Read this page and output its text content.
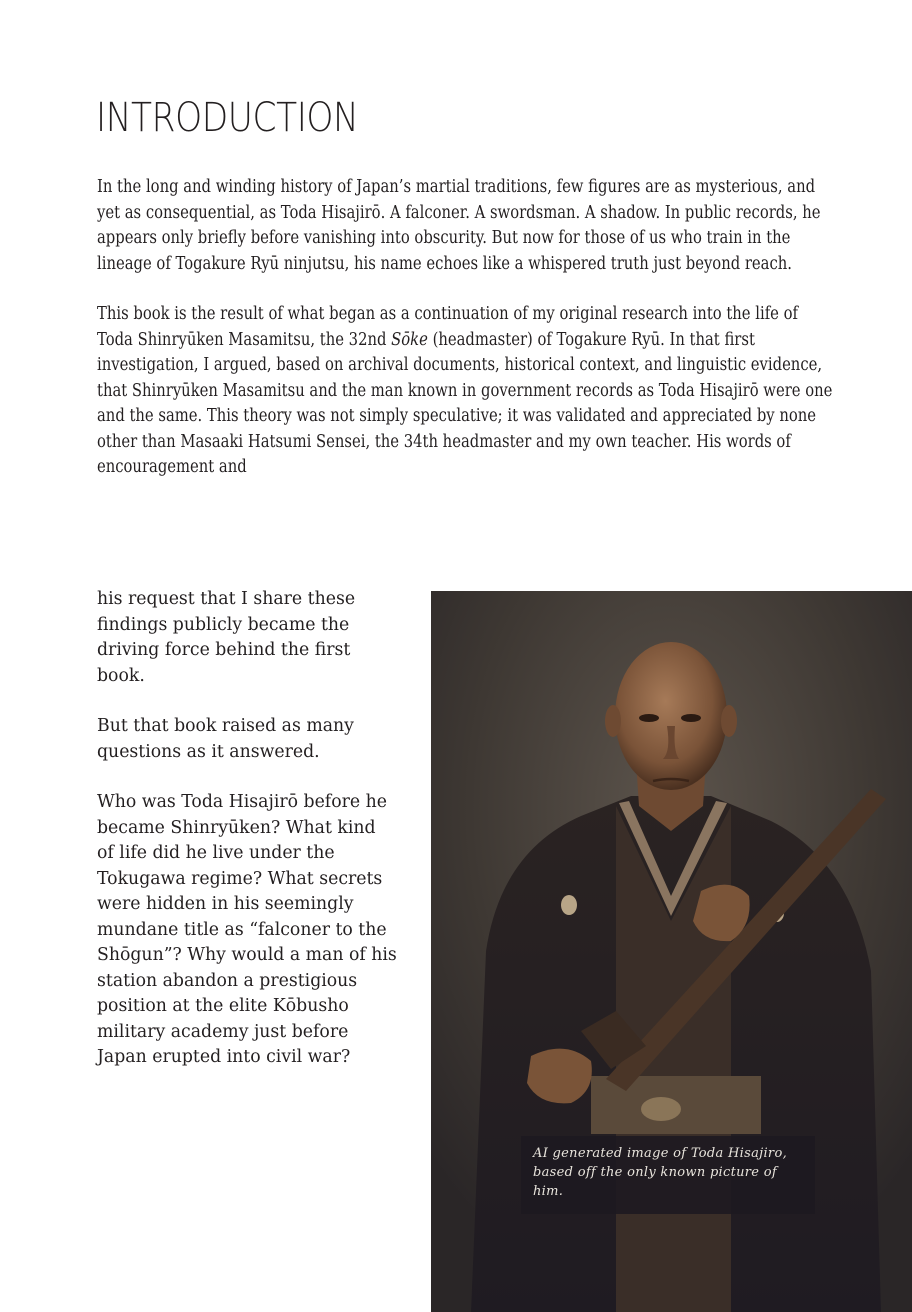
INTRODUCTION

In the long and winding history of Japan’s martial traditions, few figures are as mysterious, and yet as consequential, as Toda Hisajirō. A falconer. A swordsman. A shadow. In public records, he appears only briefly before vanishing into obscurity. But now for those of us who train in the lineage of Togakure Ryū ninjutsu, his name echoes like a whispered truth just beyond reach.

This book is the result of what began as a continuation of my original research into the life of Toda Shinryūken Masamitsu, the 32nd Sōke (headmaster) of Togakure Ryū. In that first investigation, I argued, based on archival documents, historical context, and linguistic evidence, that Shinryūken Masamitsu and the man known in government records as Toda Hisajirō were one and the same. This theory was not simply speculative; it was validated and appreciated by none other than Masaaki Hatsumi Sensei, the 34th headmaster and my own teacher. His words of encouragement and

his request that I share these findings publicly became the driving force behind the first book.

But that book raised as many questions as it answered.

Who was Toda Hisajirō before he became Shinryūken? What kind of life did he live under the Tokugawa regime? What secrets were hidden in his seemingly mundane title as “falconer to the Shōgun”? Why would a man of his station abandon a prestigious position at the elite Kōbusho military academy just before Japan erupted into civil war?

AI generated image of Toda Hisajiro, based off the only known picture of him.
